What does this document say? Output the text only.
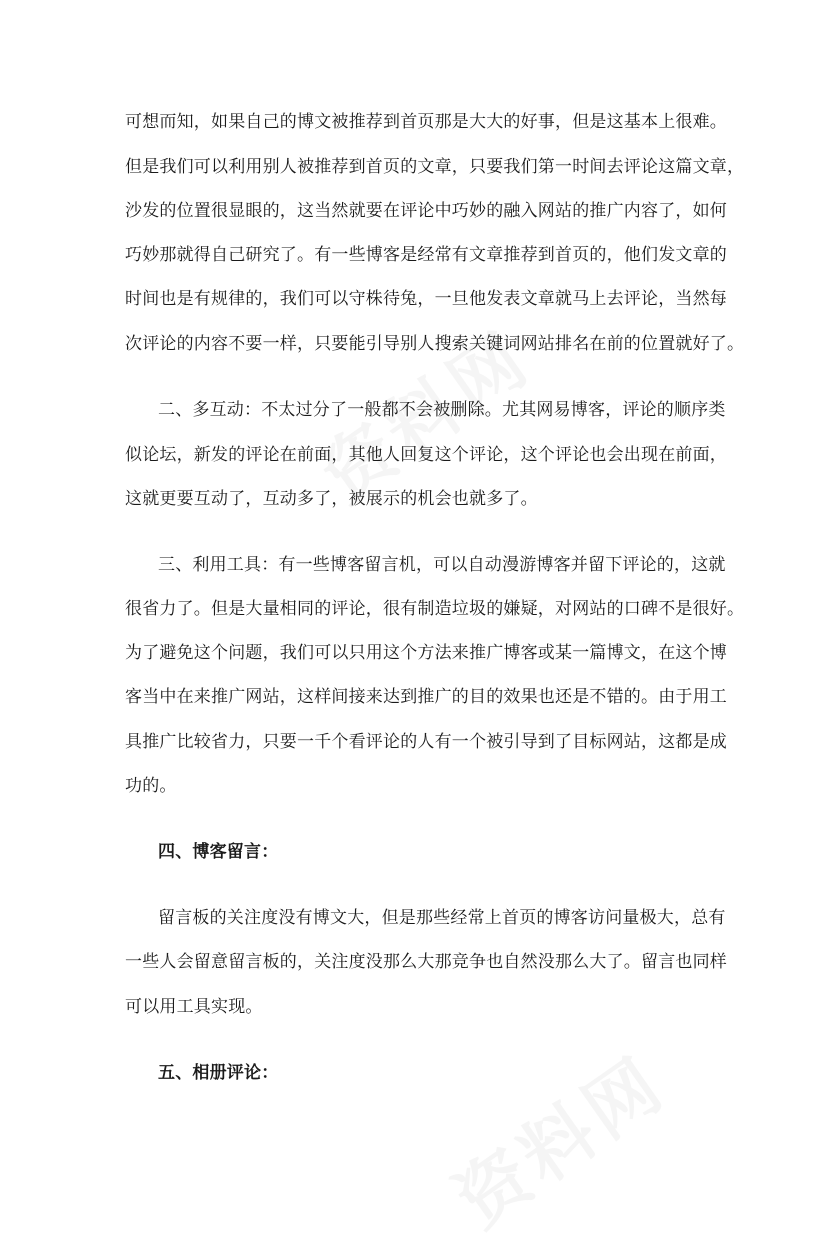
可想而知，如果自己的博文被推荐到首页那是大大的好事，但是这基本上很难。
但是我们可以利用别人被推荐到首页的文章，只要我们第一时间去评论这篇文章，
沙发的位置很显眼的，这当然就要在评论中巧妙的融入网站的推广内容了，如何
巧妙那就得自己研究了。有一些博客是经常有文章推荐到首页的，他们发文章的
时间也是有规律的，我们可以守株待兔，一旦他发表文章就马上去评论，当然每
次评论的内容不要一样，只要能引导别人搜索关键词网站排名在前的位置就好了。
二、多互动：不太过分了一般都不会被删除。尤其网易博客，评论的顺序类
似论坛，新发的评论在前面，其他人回复这个评论，这个评论也会出现在前面，
这就更要互动了，互动多了，被展示的机会也就多了。
三、利用工具：有一些博客留言机，可以自动漫游博客并留下评论的，这就
很省力了。但是大量相同的评论，很有制造垃圾的嫌疑，对网站的口碑不是很好。
为了避免这个问题，我们可以只用这个方法来推广博客或某一篇博文，在这个博
客当中在来推广网站，这样间接来达到推广的目的效果也还是不错的。由于用工
具推广比较省力，只要一千个看评论的人有一个被引导到了目标网站，这都是成
功的。
四、博客留言：
留言板的关注度没有博文大，但是那些经常上首页的博客访问量极大，总有
一些人会留意留言板的，关注度没那么大那竞争也自然没那么大了。留言也同样
可以用工具实现。
五、相册评论：
